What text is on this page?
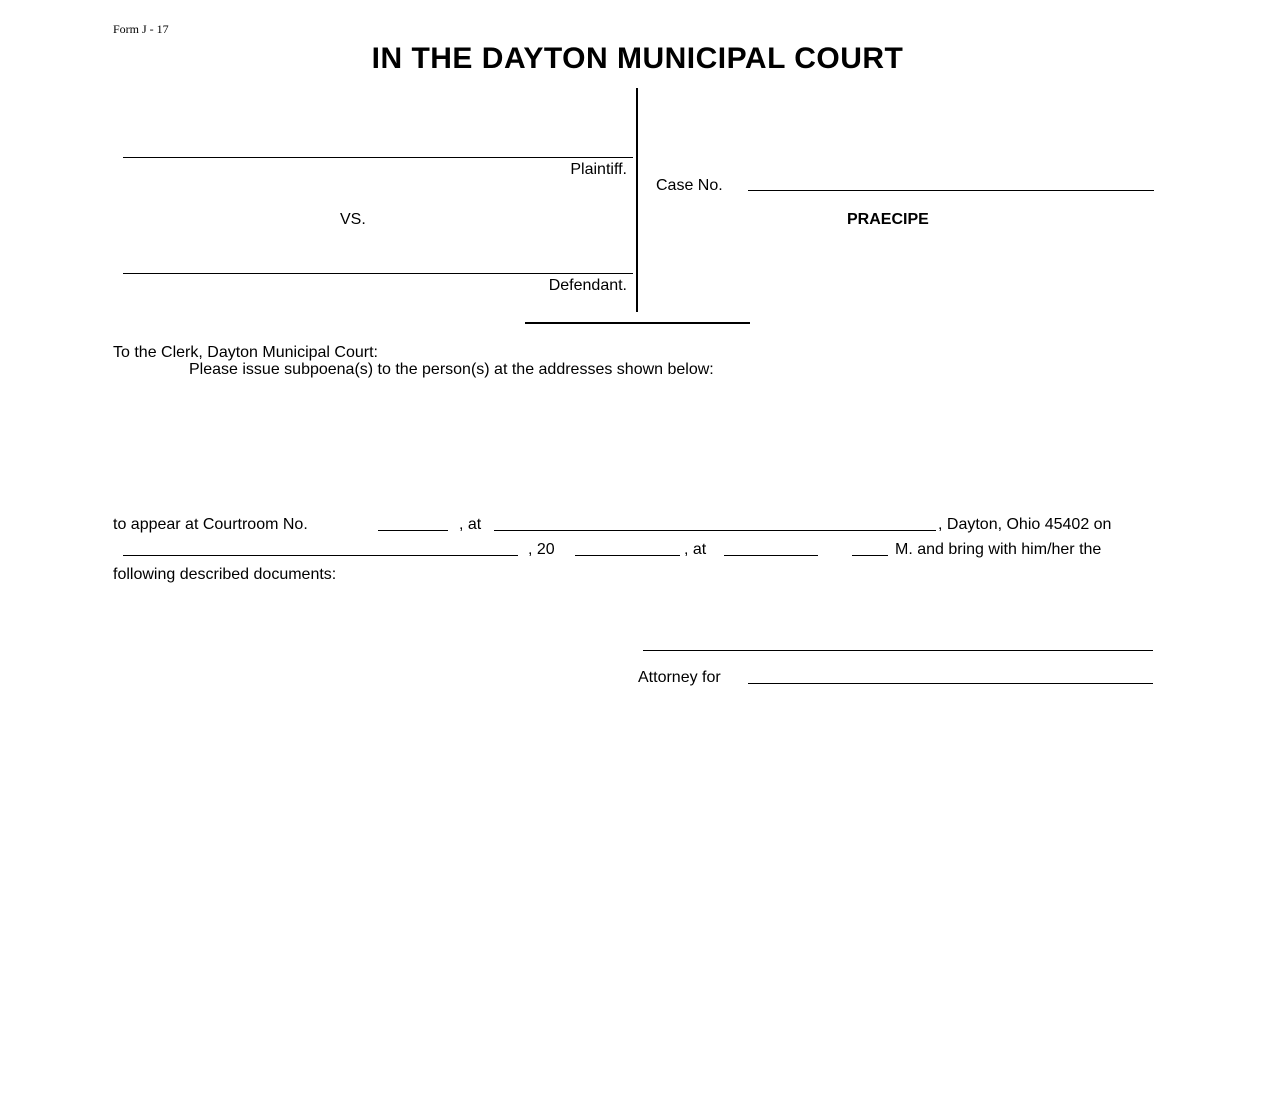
Form J - 17
IN THE DAYTON MUNICIPAL COURT
Plaintiff.
VS.
Defendant.
Case No.
PRAECIPE
To the Clerk, Dayton Municipal Court:
Please issue subpoena(s) to the person(s) at the addresses shown below:
to appear at Courtroom No.	, at	, Dayton, Ohio 45402 on
, 20	, at	M. and bring with him/her the
following described documents:
Attorney for
